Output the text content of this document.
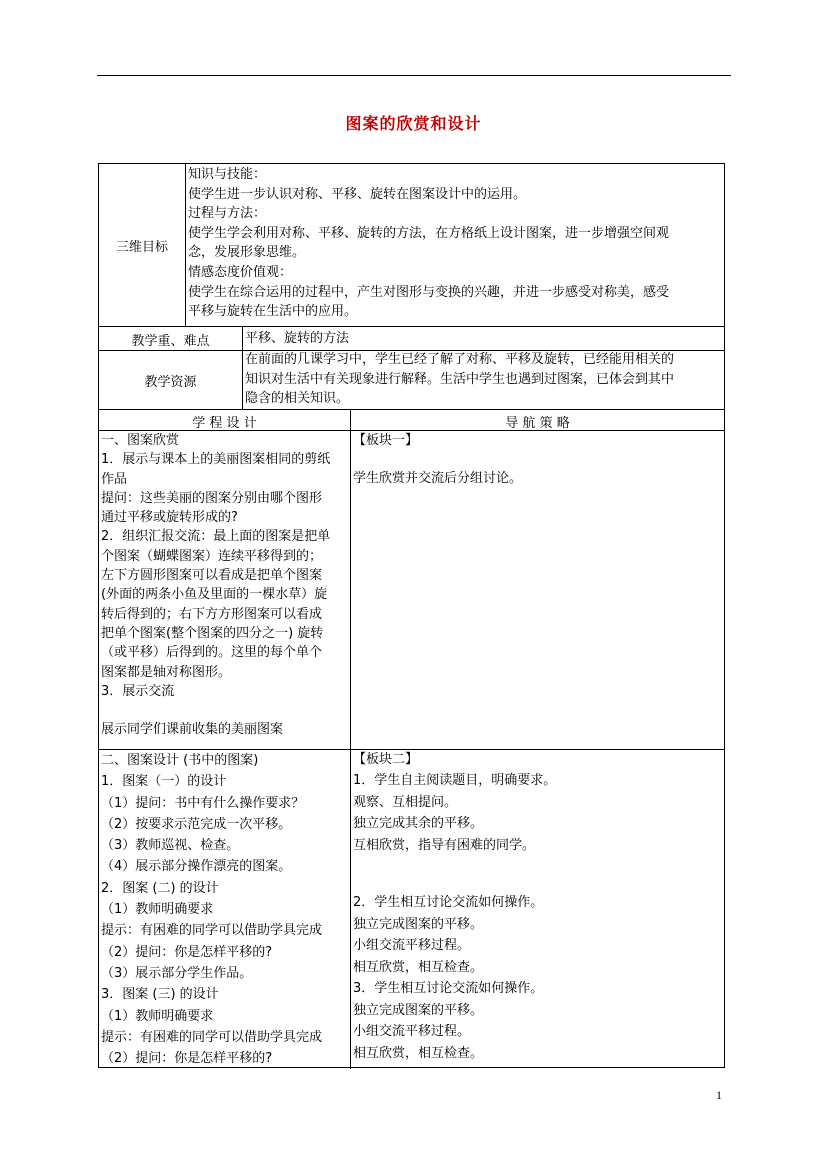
图案的欣赏和设计
三维目标
知识与技能：
使学生进一步认识对称、平移、旋转在图案设计中的运用。
过程与方法：
使学生学会利用对称、平移、旋转的方法，在方格纸上设计图案，进一步增强空间观
念，发展形象思维。
情感态度价值观：
使学生在综合运用的过程中，产生对图形与变换的兴趣，并进一步感受对称美，感受
平移与旋转在生活中的应用。
教学重、难点	平移、旋转的方法
教学资源
在前面的几课学习中，学生已经了解了对称、平移及旋转，已经能用相关的
知识对生活中有关现象进行解释。生活中学生也遇到过图案，已体会到其中
隐含的相关知识。
学 程 设 计	导 航 策 略
一、图案欣赏
1．展示与课本上的美丽图案相同的剪纸
作品
提问：这些美丽的图案分别由哪个图形
通过平移或旋转形成的?
2．组织汇报交流：最上面的图案是把单
个图案（蝴蝶图案）连续平移得到的；
左下方圆形图案可以看成是把单个图案
(外面的两条小鱼及里面的一棵水草）旋
转后得到的；右下方方形图案可以看成
把单个图案(整个图案的四分之一) 旋转
（或平移）后得到的。这里的每个单个
图案都是轴对称图形。
3．展示交流
展示同学们课前收集的美丽图案
【板块一】
学生欣赏并交流后分组讨论。
二、图案设计 (书中的图案)
1．图案（一）的设计
（1）提问：书中有什么操作要求？
（2）按要求示范完成一次平移。
（3）教师巡视、检查。
（4）展示部分操作漂亮的图案。
2．图案 (二) 的设计
（1）教师明确要求
提示：有困难的同学可以借助学具完成
（2）提问：你是怎样平移的?
（3）展示部分学生作品。
3．图案 (三) 的设计
（1）教师明确要求
提示：有困难的同学可以借助学具完成
（2）提问：你是怎样平移的?
【板块二】
1．学生自主阅读题目，明确要求。
观察、互相提问。
独立完成其余的平移。
互相欣赏，指导有困难的同学。
2．学生相互讨论交流如何操作。
独立完成图案的平移。
小组交流平移过程。
相互欣赏，相互检查。
3．学生相互讨论交流如何操作。
独立完成图案的平移。
小组交流平移过程。
相互欣赏，相互检查。
1
